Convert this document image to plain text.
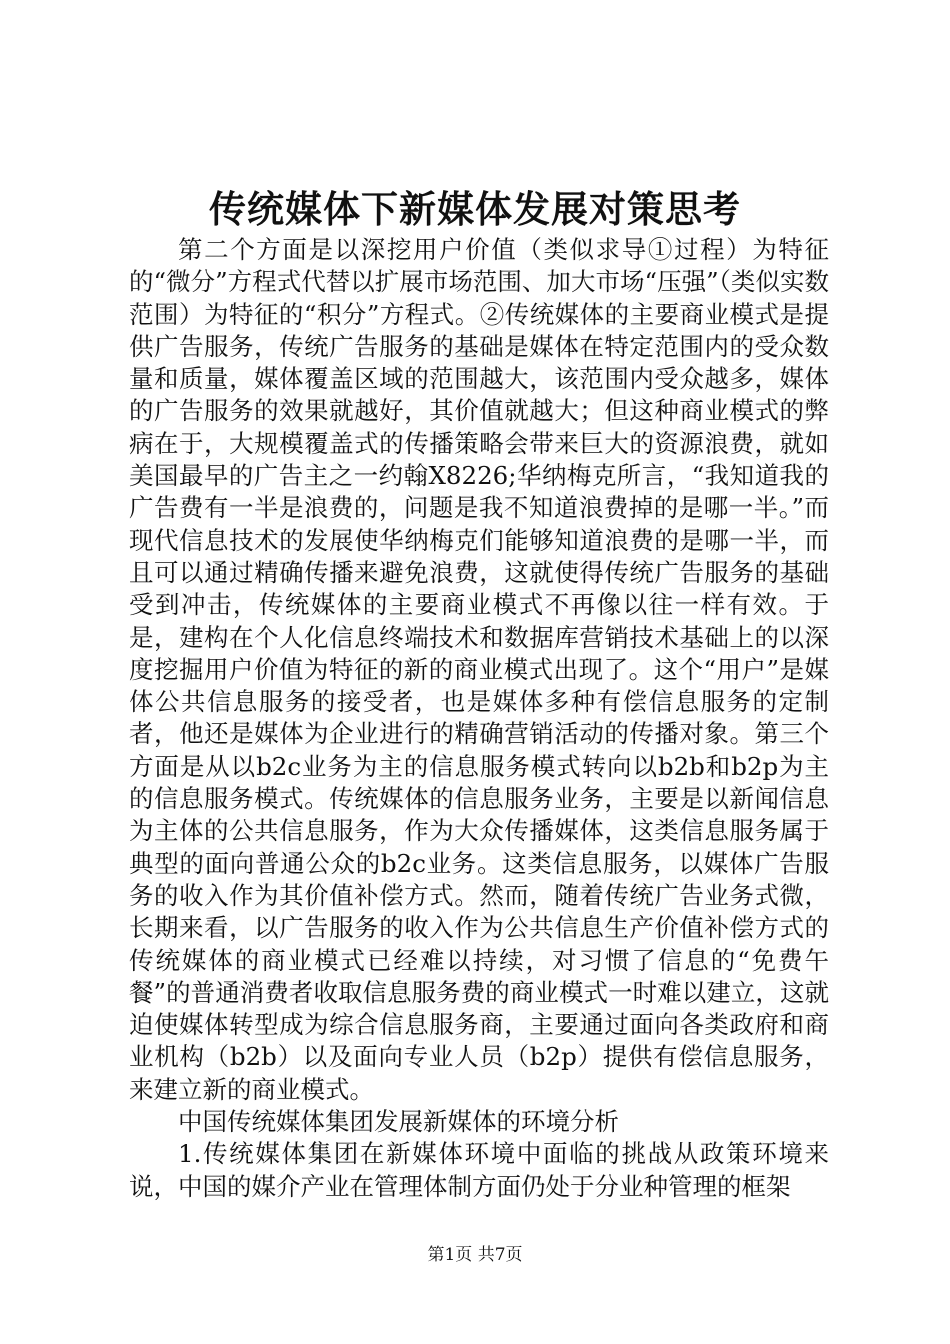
传统媒体下新媒体发展对策思考

第二个方面是以深挖用户价值（类似求导①过程）为特征的“微分”方程式代替以扩展市场范围、加大市场“压强”（类似实数范围）为特征的“积分”方程式。②传统媒体的主要商业模式是提供广告服务，传统广告服务的基础是媒体在特定范围内的受众数量和质量，媒体覆盖区域的范围越大，该范围内受众越多，媒体的广告服务的效果就越好，其价值就越大；但这种商业模式的弊病在于，大规模覆盖式的传播策略会带来巨大的资源浪费，就如美国最早的广告主之一约翰X8226;华纳梅克所言，“我知道我的广告费有一半是浪费的，问题是我不知道浪费掉的是哪一半。”而现代信息技术的发展使华纳梅克们能够知道浪费的是哪一半，而且可以通过精确传播来避免浪费，这就使得传统广告服务的基础受到冲击，传统媒体的主要商业模式不再像以往一样有效。于是，建构在个人化信息终端技术和数据库营销技术基础上的以深度挖掘用户价值为特征的新的商业模式出现了。这个“用户”是媒体公共信息服务的接受者，也是媒体多种有偿信息服务的定制者，他还是媒体为企业进行的精确营销活动的传播对象。第三个方面是从以b2c业务为主的信息服务模式转向以b2b和b2p为主的信息服务模式。传统媒体的信息服务业务，主要是以新闻信息为主体的公共信息服务，作为大众传播媒体，这类信息服务属于典型的面向普通公众的b2c业务。这类信息服务，以媒体广告服务的收入作为其价值补偿方式。然而，随着传统广告业务式微，长期来看，以广告服务的收入作为公共信息生产价值补偿方式的传统媒体的商业模式已经难以持续，对习惯了信息的“免费午餐”的普通消费者收取信息服务费的商业模式一时难以建立，这就迫使媒体转型成为综合信息服务商，主要通过面向各类政府和商业机构（b2b）以及面向专业人员（b2p）提供有偿信息服务，来建立新的商业模式。

中国传统媒体集团发展新媒体的环境分析

1.传统媒体集团在新媒体环境中面临的挑战从政策环境来说，中国的媒介产业在管理体制方面仍处于分业种管理的框架

第1页 共7页
